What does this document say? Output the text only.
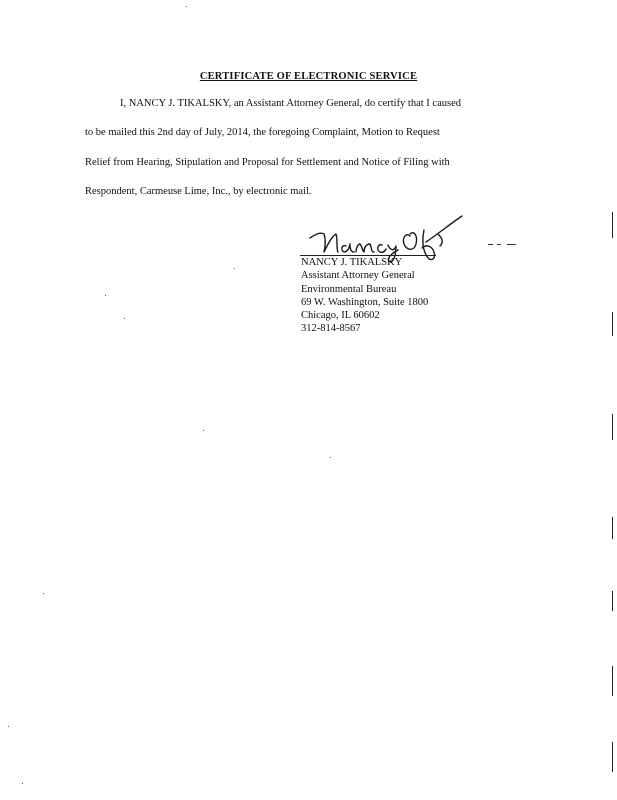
CERTIFICATE OF ELECTRONIC SERVICE
I, NANCY J. TIKALSKY, an Assistant Attorney General, do certify that I caused
to be mailed this 2nd day of July, 2014, the foregoing Complaint, Motion to Request
Relief from Hearing, Stipulation and Proposal for Settlement and Notice of Filing with
Respondent, Carmeuse Lime, Inc., by electronic mail.
NANCY J. TIKALSKY
Assistant Attorney General
Environmental Bureau
69 W. Washington, Suite 1800
Chicago, IL 60602
312-814-8567
